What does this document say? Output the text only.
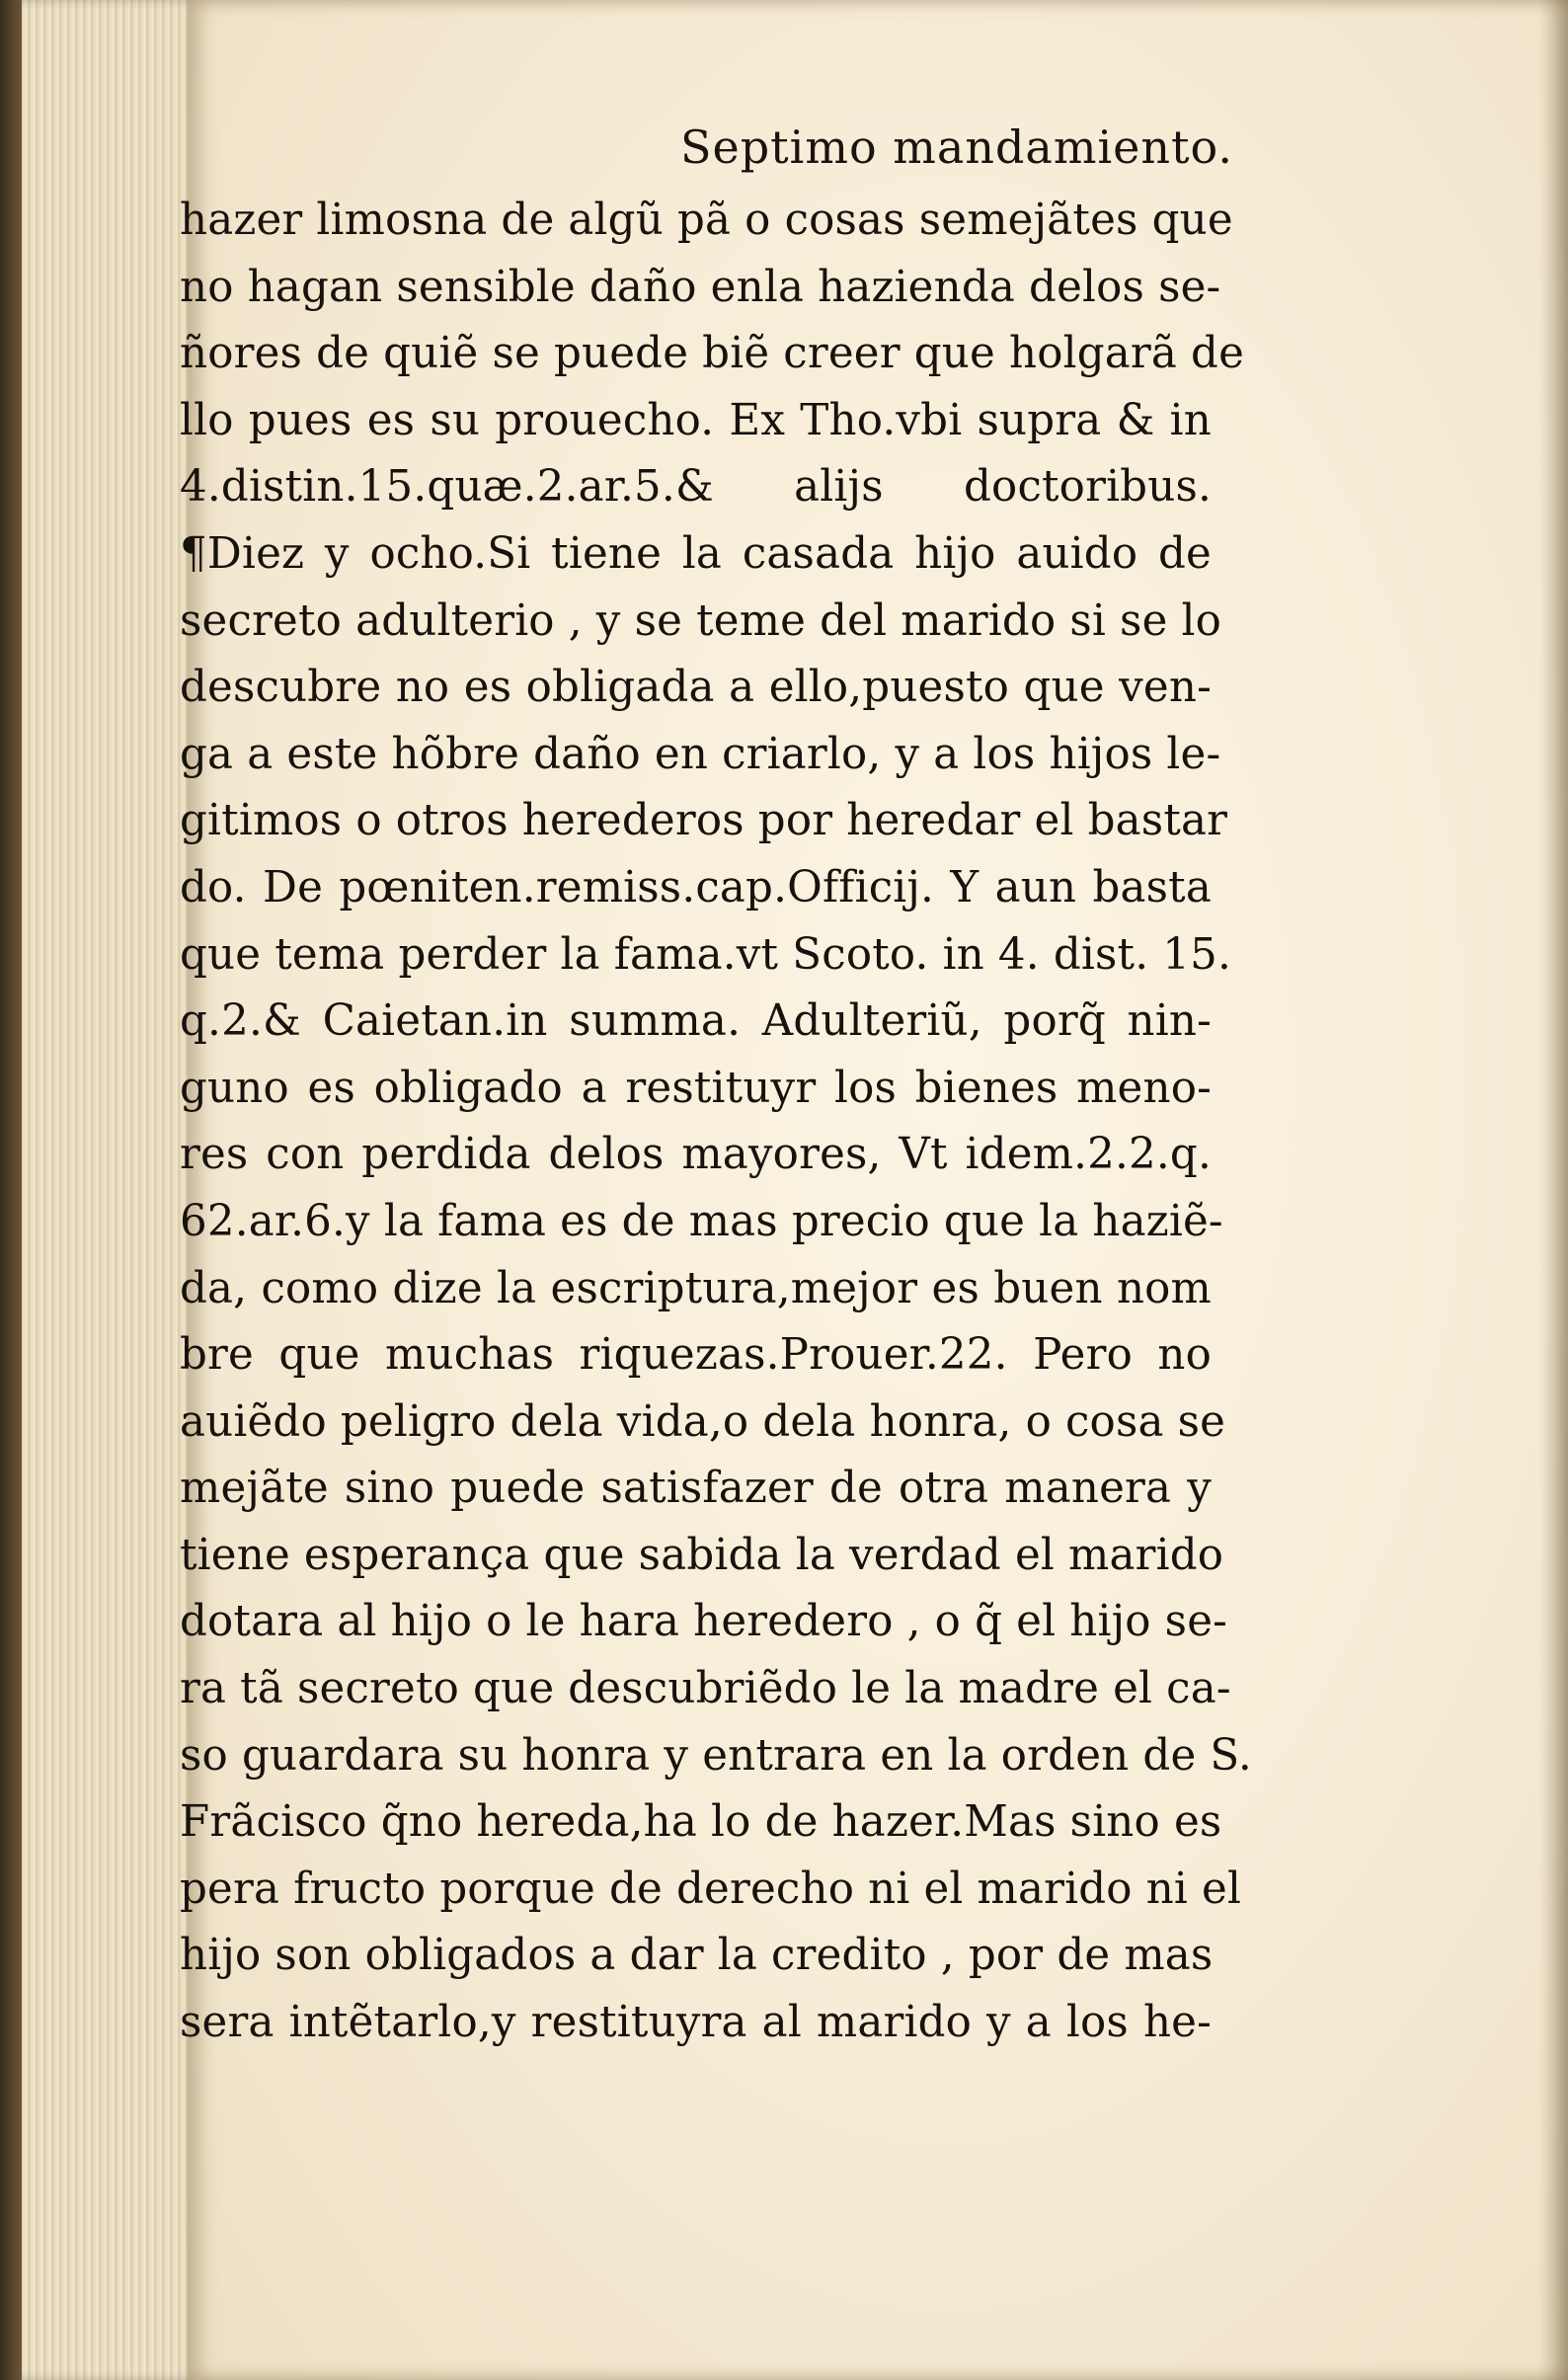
Septimo mandamiento.
hazer limosna de algũ pã o cosas semejãtes que
no hagan sensible daño enla hazienda delos se-
ñores de quiẽ se puede biẽ creer que holgarã de
llo pues es su prouecho. Ex Tho.vbi supra & in
4.distin.15.quæ.2.ar.5.& alijs doctoribus.
¶Diez y ocho.Si tiene la casada hijo auido de
secreto adulterio , y se teme del marido si se lo
descubre no es obligada a ello,puesto que ven-
ga a este hõbre daño en criarlo, y a los hijos le-
gitimos o otros herederos por heredar el bastar
do. De pœniten.remiss.cap.Officij. Y aun basta
que tema perder la fama.vt Scoto. in 4. dist. 15.
q.2.& Caietan.in summa. Adulteriũ, porq̃ nin-
guno es obligado a restituyr los bienes meno-
res con perdida delos mayores, Vt idem.2.2.q.
62.ar.6.y la fama es de mas precio que la haziẽ-
da, como dize la escriptura,mejor es buen nom
bre que muchas riquezas.Prouer.22. Pero no
auiẽdo peligro dela vida,o dela honra, o cosa se
mejãte sino puede satisfazer de otra manera y
tiene esperança que sabida la verdad el marido
dotara al hijo o le hara heredero , o q̃ el hijo se-
ra tã secreto que descubriẽdo le la madre el ca-
so guardara su honra y entrara en la orden de S.
Frãcisco q̃no hereda,ha lo de hazer.Mas sino es
pera fructo porque de derecho ni el marido ni el
hijo son obligados a dar la credito , por de mas
sera intẽtarlo,y restituyra al marido y a los he-
